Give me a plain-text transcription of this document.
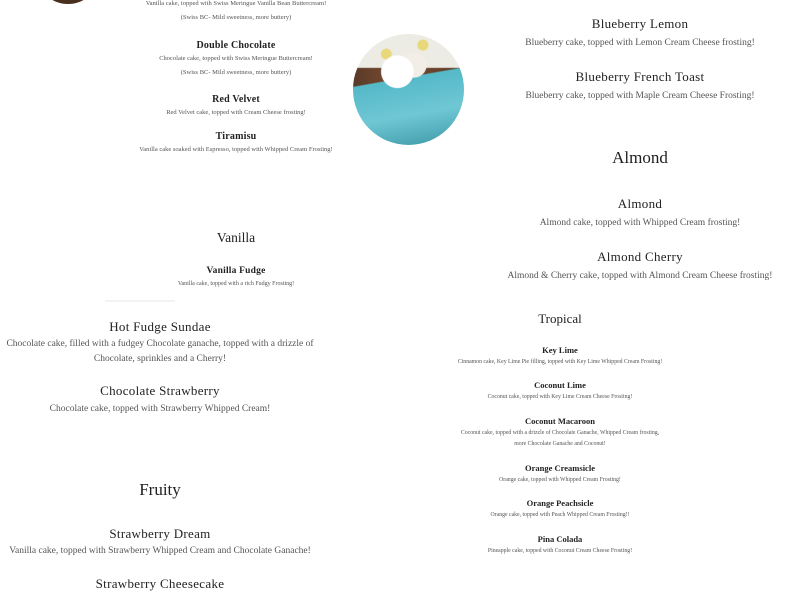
Vanilla cake, topped with Swiss Meringue Vanilla Bean Buttercream!
(Swiss BC- Mild sweetness, more buttery)
Double Chocolate
Chocolate cake, topped with Swiss Meringue Buttercream!
(Swiss BC- Mild sweetness, more buttery)
Red Velvet
Red Velvet cake, topped with Cream Cheese frosting!
Tiramisu
Vanilla cake soaked with Espresso, topped with Whipped Cream Frosting!
Vanilla
Vanilla Fudge
Vanilla cake, topped with a rich Fudgy Frosting!
Hot Fudge Sundae
Chocolate cake, filled with a fudgey Chocolate ganache, topped with a drizzle of
Chocolate, sprinkles and a Cherry!
Chocolate Strawberry
Chocolate cake, topped with Strawberry Whipped Cream!
Fruity
Strawberry Dream
Vanilla cake, topped with Strawberry Whipped Cream and Chocolate Ganache!
Strawberry Cheesecake
Blueberry Lemon
Blueberry cake, topped with Lemon Cream Cheese frosting!
Blueberry French Toast
Blueberry cake, topped with Maple Cream Cheese Frosting!
Almond
Almond
Almond cake, topped with Whipped Cream frosting!
Almond Cherry
Almond & Cherry cake, topped with Almond Cream Cheese frosting!
Tropical
Key Lime
Cinnamon cake, Key Lime Pie filling, topped with Key Lime Whipped Cream Frosting!
Coconut Lime
Coconut cake, topped with Key Lime Cream Cheese Frosting!
Coconut Macaroon
Coconut cake, topped with a drizzle of Chocolate Ganache, Whipped Cream frosting,
more Chocolate Ganache and Coconut!
Orange Creamsicle
Orange cake, topped with Whipped Cream Frosting!
Orange Peachsicle
Orange cake, topped with Peach Whipped Cream Frosting!!
Pina Colada
Pineapple cake, topped with Coconut Cream Cheese Frosting!
